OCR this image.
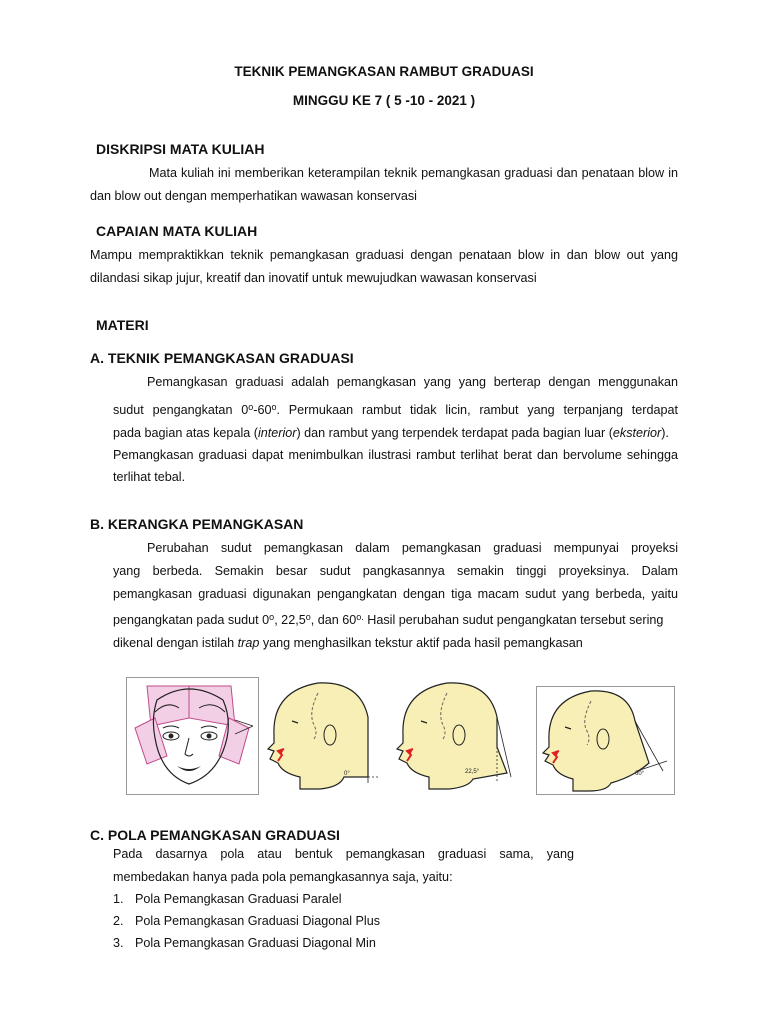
TEKNIK PEMANGKASAN RAMBUT GRADUASI
MINGGU KE 7 ( 5 -10 - 2021 )
DISKRIPSI MATA KULIAH
Mata kuliah ini memberikan keterampilan teknik pemangkasan graduasi dan penataan blow in
dan blow out dengan memperhatikan wawasan konservasi
CAPAIAN MATA KULIAH
Mampu mempraktikkan teknik pemangkasan graduasi dengan penataan blow in dan blow out yang
dilandasi sikap jujur, kreatif dan inovatif untuk mewujudkan wawasan konservasi
MATERI
A. TEKNIK PEMANGKASAN GRADUASI
Pemangkasan graduasi adalah pemangkasan yang yang berterap dengan menggunakan
sudut pengangkatan 0$^o$-60$^o$. Permukaan rambut tidak licin, rambut yang terpanjang terdapat
pada bagian atas kepala (interior) dan rambut yang terpendek terdapat pada bagian luar (eksterior).
Pemangkasan graduasi dapat menimbulkan ilustrasi rambut terlihat berat dan bervolume sehingga
terlihat tebal.
B. KERANGKA PEMANGKASAN
Perubahan sudut pemangkasan dalam pemangkasan graduasi mempunyai proyeksi
yang berbeda. Semakin besar sudut pangkasannya semakin tinggi proyeksinya. Dalam
pemangkasan graduasi digunakan pengangkatan dengan tiga macam sudut yang berbeda, yaitu
pengangkatan pada sudut 0$^o$, 22,5$^o$, dan $60^{o.}$ Hasil perubahan sudut pengangkatan tersebut sering
dikenal dengan istilah trap yang menghasilkan tekstur aktif pada hasil pemangkasan
0°	22,5°	60°
C. POLA PEMANGKASAN GRADUASI
Pada dasarnya pola atau bentuk pemangkasan graduasi sama, yang
membedakan hanya pada pola pemangkasannya saja, yaitu:
1. Pola Pemangkasan Graduasi Paralel
2. Pola Pemangkasan Graduasi Diagonal Plus
3. Pola Pemangkasan Graduasi Diagonal Min
